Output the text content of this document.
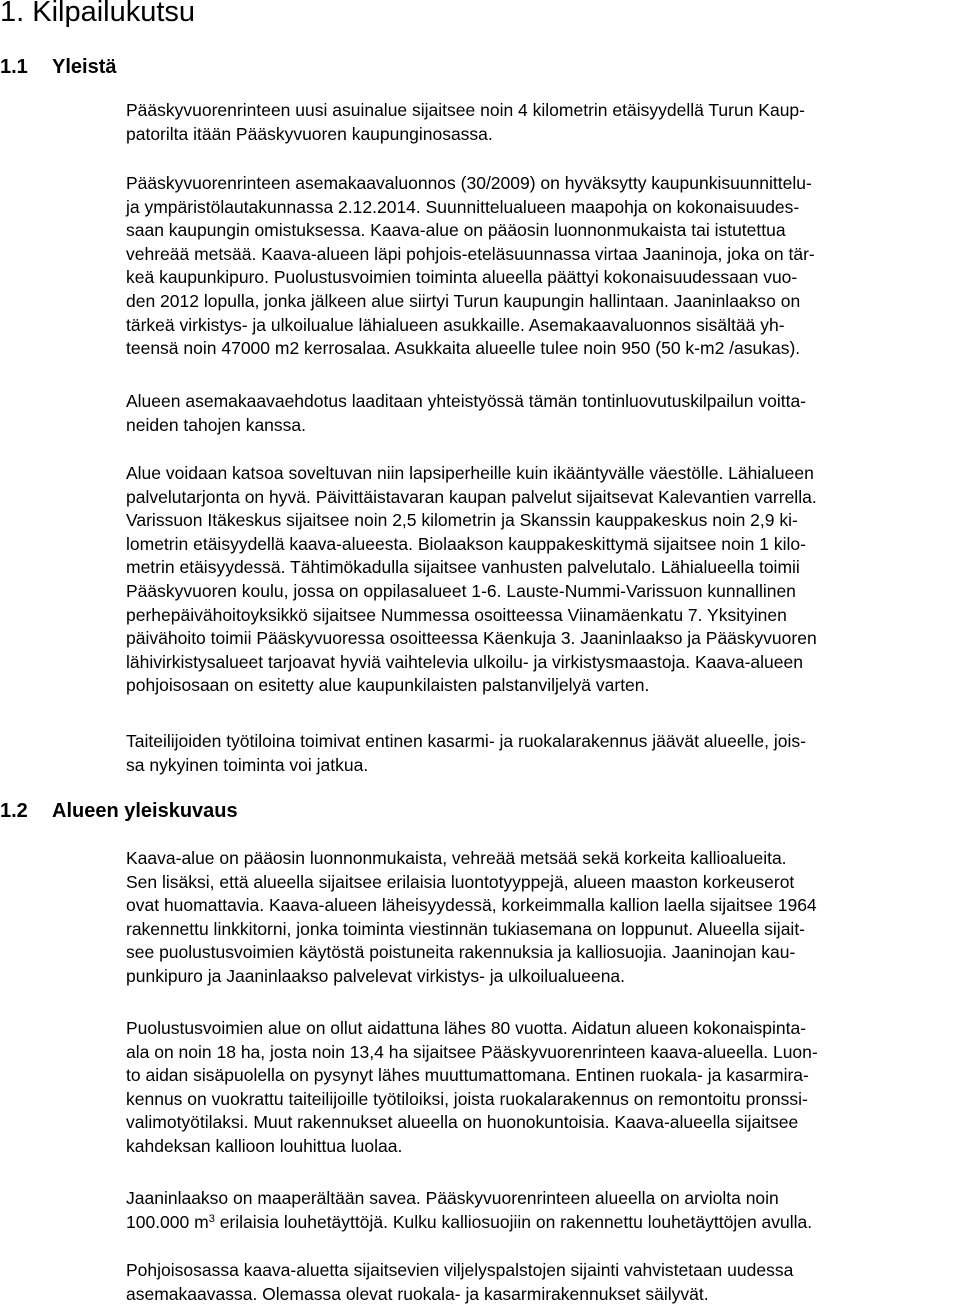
1. Kilpailukutsu
1.1 Yleistä
Pääskyvuorenrinteen uusi asuinalue sijaitsee noin 4 kilometrin etäisyydellä Turun Kaup-
patorilta itään Pääskyvuoren kaupunginosassa.
Pääskyvuorenrinteen asemakaavaluonnos (30/2009) on hyväksytty kaupunkisuunnittelu-
ja ympäristölautakunnassa 2.12.2014. Suunnittelualueen maapohja on kokonaisuudes-
saan kaupungin omistuksessa. Kaava-alue on pääosin luonnonmukaista tai istutettua
vehreää metsää. Kaava-alueen läpi pohjois-eteläsuunnassa virtaa Jaaninoja, joka on tär-
keä kaupunkipuro. Puolustusvoimien toiminta alueella päättyi kokonaisuudessaan vuo-
den 2012 lopulla, jonka jälkeen alue siirtyi Turun kaupungin hallintaan. Jaaninlaakso on
tärkeä virkistys- ja ulkoilualue lähialueen asukkaille. Asemakaavaluonnos sisältää yh-
teensä noin 47000 m2 kerrosalaa. Asukkaita alueelle tulee noin 950 (50 k-m2 /asukas).
Alueen asemakaavaehdotus laaditaan yhteistyössä tämän tontinluovutuskilpailun voitta-
neiden tahojen kanssa.
Alue voidaan katsoa soveltuvan niin lapsiperheille kuin ikääntyvälle väestölle. Lähialueen
palvelutarjonta on hyvä. Päivittäistavaran kaupan palvelut sijaitsevat Kalevantien varrella.
Varissuon Itäkeskus sijaitsee noin 2,5 kilometrin ja Skanssin kauppakeskus noin 2,9 ki-
lometrin etäisyydellä kaava-alueesta. Biolaakson kauppakeskittymä sijaitsee noin 1 kilo-
metrin etäisyydessä. Tähtimökadulla sijaitsee vanhusten palvelutalo. Lähialueella toimii
Pääskyvuoren koulu, jossa on oppilasalueet 1-6. Lauste-Nummi-Varissuon kunnallinen
perhepäivähoitoyksikkö sijaitsee Nummessa osoitteessa Viinamäenkatu 7. Yksityinen
päivähoito toimii Pääskyvuoressa osoitteessa Käenkuja 3. Jaaninlaakso ja Pääskyvuoren
lähivirkistysalueet tarjoavat hyviä vaihtelevia ulkoilu- ja virkistysmaastoja. Kaava-alueen
pohjoisosaan on esitetty alue kaupunkilaisten palstanviljelyä varten.
Taiteilijoiden työtiloina toimivat entinen kasarmi- ja ruokalarakennus jäävät alueelle, jois-
sa nykyinen toiminta voi jatkua.
1.2 Alueen yleiskuvaus
Kaava-alue on pääosin luonnonmukaista, vehreää metsää sekä korkeita kallioalueita.
Sen lisäksi, että alueella sijaitsee erilaisia luontotyyppejä, alueen maaston korkeuserot
ovat huomattavia. Kaava-alueen läheisyydessä, korkeimmalla kallion laella sijaitsee 1964
rakennettu linkkitorni, jonka toiminta viestinnän tukiasemana on loppunut. Alueella sijait-
see puolustusvoimien käytöstä poistuneita rakennuksia ja kalliosuojia. Jaaninojan kau-
punkipuro ja Jaaninlaakso palvelevat virkistys- ja ulkoilualueena.
Puolustusvoimien alue on ollut aidattuna lähes 80 vuotta. Aidatun alueen kokonaispinta-
ala on noin 18 ha, josta noin 13,4 ha sijaitsee Pääskyvuorenrinteen kaava-alueella. Luon-
to aidan sisäpuolella on pysynyt lähes muuttumattomana. Entinen ruokala- ja kasarmira-
kennus on vuokrattu taiteilijoille työtiloiksi, joista ruokalarakennus on remontoitu pronssi-
valimotyötilaksi. Muut rakennukset alueella on huonokuntoisia. Kaava-alueella sijaitsee
kahdeksan kallioon louhittua luolaa.
Jaaninlaakso on maaperältään savea. Pääskyvuorenrinteen alueella on arviolta noin
100.000 $m^3$ erilaisia louhetäyttöjä. Kulku kalliosuojiin on rakennettu louhetäyttöjen avulla.
Pohjoisosassa kaava-aluetta sijaitsevien viljelyspalstojen sijainti vahvistetaan uudessa
asemakaavassa. Olemassa olevat ruokala- ja kasarmirakennukset säilyvät.
